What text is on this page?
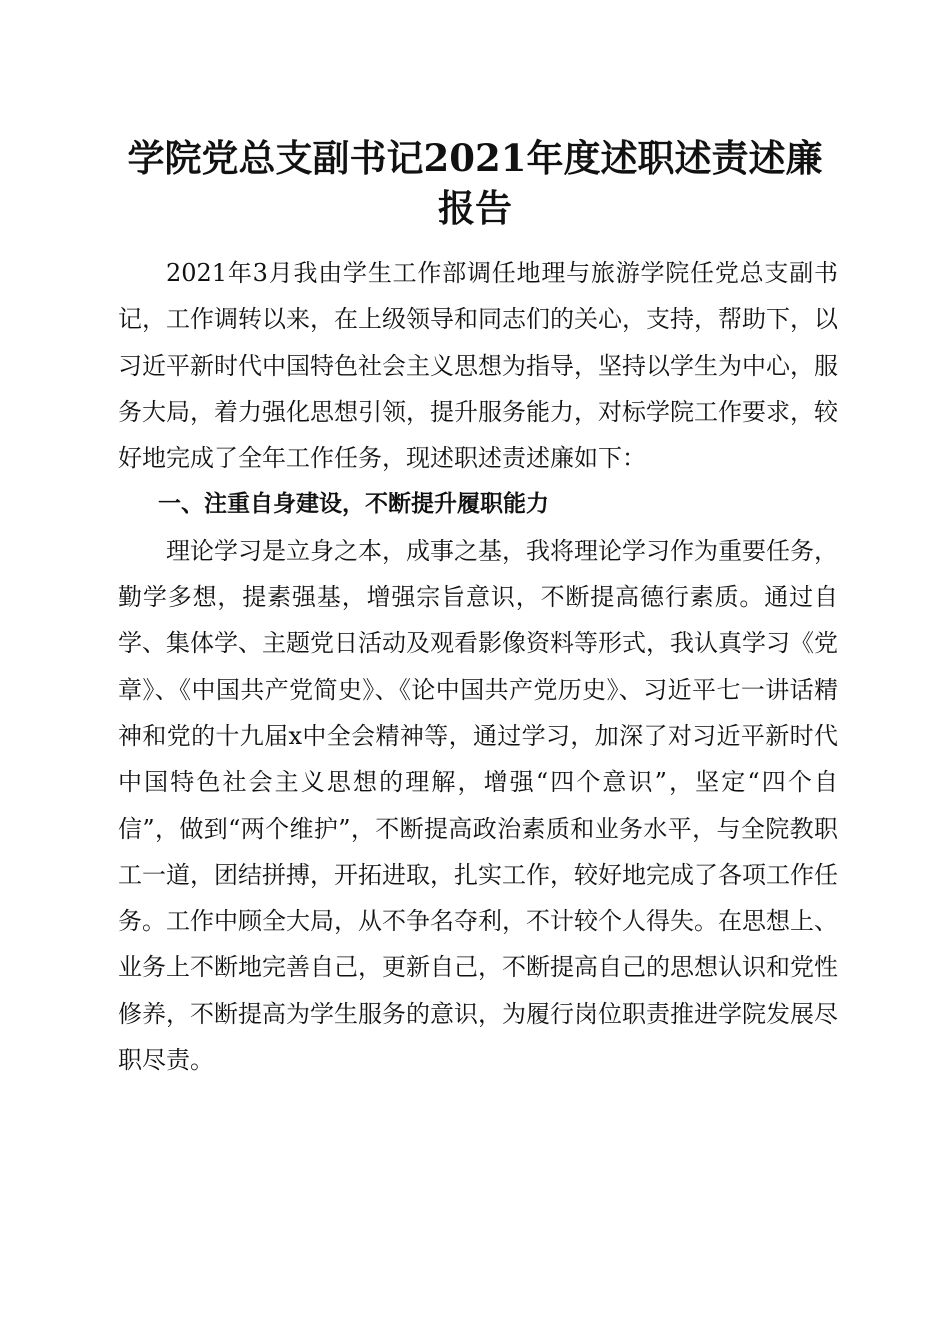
学院党总支副书记2021年度述职述责述廉报告

2021年3月我由学生工作部调任地理与旅游学院任党总支副书记，工作调转以来，在上级领导和同志们的关心，支持，帮助下，以习近平新时代中国特色社会主义思想为指导，坚持以学生为中心，服务大局，着力强化思想引领，提升服务能力，对标学院工作要求，较好地完成了全年工作任务，现述职述责述廉如下：

一、注重自身建设，不断提升履职能力

理论学习是立身之本，成事之基，我将理论学习作为重要任务，勤学多想，提素强基，增强宗旨意识，不断提高德行素质。通过自学、集体学、主题党日活动及观看影像资料等形式，我认真学习《党章》、《中国共产党简史》、《论中国共产党历史》、习近平七一讲话精神和党的十九届x中全会精神等，通过学习，加深了对习近平新时代中国特色社会主义思想的理解，增强“四个意识”，坚定“四个自信”，做到“两个维护”，不断提高政治素质和业务水平，与全院教职工一道，团结拼搏，开拓进取，扎实工作，较好地完成了各项工作任务。工作中顾全大局，从不争名夺利，不计较个人得失。在思想上、业务上不断地完善自己，更新自己，不断提高自己的思想认识和党性修养，不断提高为学生服务的意识，为履行岗位职责推进学院发展尽职尽责。
